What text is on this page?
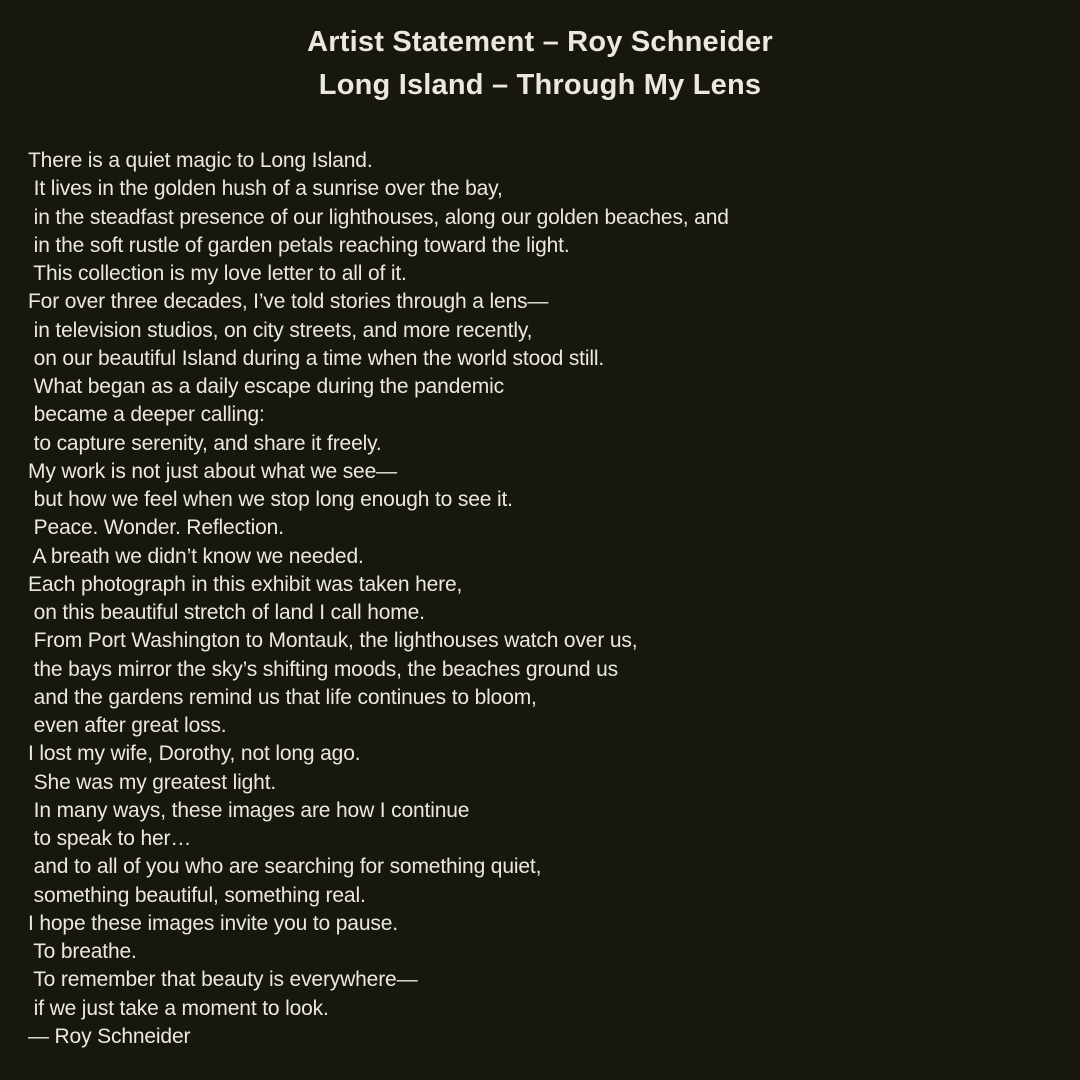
Artist Statement – Roy Schneider
Long Island – Through My Lens
There is a quiet magic to Long Island.
It lives in the golden hush of a sunrise over the bay,
in the steadfast presence of our lighthouses, along our golden beaches, and
in the soft rustle of garden petals reaching toward the light.
This collection is my love letter to all of it.
For over three decades, I’ve told stories through a lens—
in television studios, on city streets, and more recently,
on our beautiful Island during a time when the world stood still.
What began as a daily escape during the pandemic
became a deeper calling:
to capture serenity, and share it freely.
My work is not just about what we see—
but how we feel when we stop long enough to see it.
Peace. Wonder. Reflection.
A breath we didn’t know we needed.
Each photograph in this exhibit was taken here,
on this beautiful stretch of land I call home.
From Port Washington to Montauk, the lighthouses watch over us,
the bays mirror the sky’s shifting moods, the beaches ground us
and the gardens remind us that life continues to bloom,
even after great loss.
I lost my wife, Dorothy, not long ago.
She was my greatest light.
In many ways, these images are how I continue
to speak to her…
and to all of you who are searching for something quiet,
something beautiful, something real.
I hope these images invite you to pause.
To breathe.
To remember that beauty is everywhere—
if we just take a moment to look.
— Roy Schneider
